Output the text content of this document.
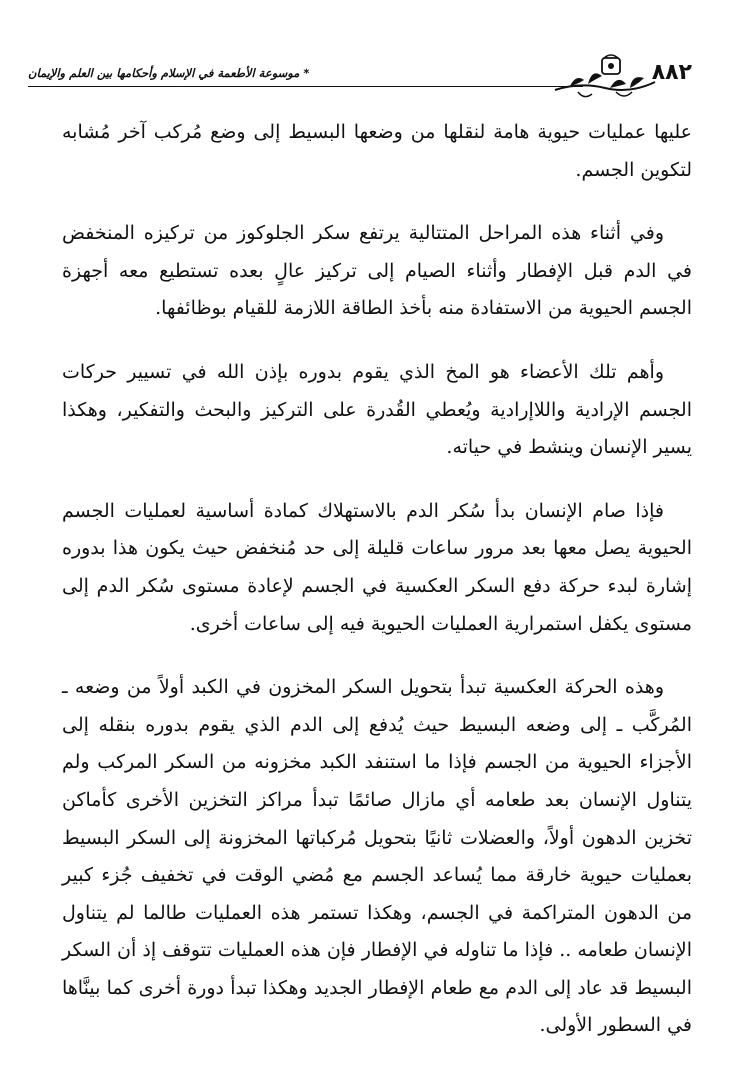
٨٨٢
* موسوعة الأطعمة في الإسلام وأحكامها بين العلم والإيمان

عليها عمليات حيوية هامة لنقلها من وضعها البسيط إلى وضع مُركب آخر مُشابه لتكوين الجسم.

وفي أثناء هذه المراحل المتتالية يرتفع سكر الجلوكوز من تركيزه المنخفض في الدم قبل الإفطار وأثناء الصيام إلى تركيز عالٍ بعده تستطيع معه أجهزة الجسم الحيوية من الاستفادة منه بأخذ الطاقة اللازمة للقيام بوظائفها.

وأهم تلك الأعضاء هو المخ الذي يقوم بدوره بإذن الله في تسيير حركات الجسم الإرادية واللاإرادية ويُعطي القُدرة على التركيز والبحث والتفكير، وهكذا يسير الإنسان وينشط في حياته.

فإذا صام الإنسان بدأ سُكر الدم بالاستهلاك كمادة أساسية لعمليات الجسم الحيوية يصل معها بعد مرور ساعات قليلة إلى حد مُنخفض حيث يكون هذا بدوره إشارة لبدء حركة دفع السكر العكسية في الجسم لإعادة مستوى سُكر الدم إلى مستوى يكفل استمرارية العمليات الحيوية فيه إلى ساعات أخرى.

وهذه الحركة العكسية تبدأ بتحويل السكر المخزون في الكبد أولاً من وضعه ـ المُركَّب ـ إلى وضعه البسيط حيث يُدفع إلى الدم الذي يقوم بدوره بنقله إلى الأجزاء الحيوية من الجسم فإذا ما استنفد الكبد مخزونه من السكر المركب ولم يتناول الإنسان بعد طعامه أي مازال صائمًا تبدأ مراكز التخزين الأخرى كأماكن تخزين الدهون أولاً، والعضلات ثانيًا بتحويل مُركباتها المخزونة إلى السكر البسيط بعمليات حيوية خارقة مما يُساعد الجسم مع مُضي الوقت في تخفيف جُزء كبير من الدهون المتراكمة في الجسم، وهكذا تستمر هذه العمليات طالما لم يتناول الإنسان طعامه .. فإذا ما تناوله في الإفطار فإن هذه العمليات تتوقف إذ أن السكر البسيط قد عاد إلى الدم مع طعام الإفطار الجديد وهكذا تبدأ دورة أخرى كما بينَّاها في السطور الأولى.
